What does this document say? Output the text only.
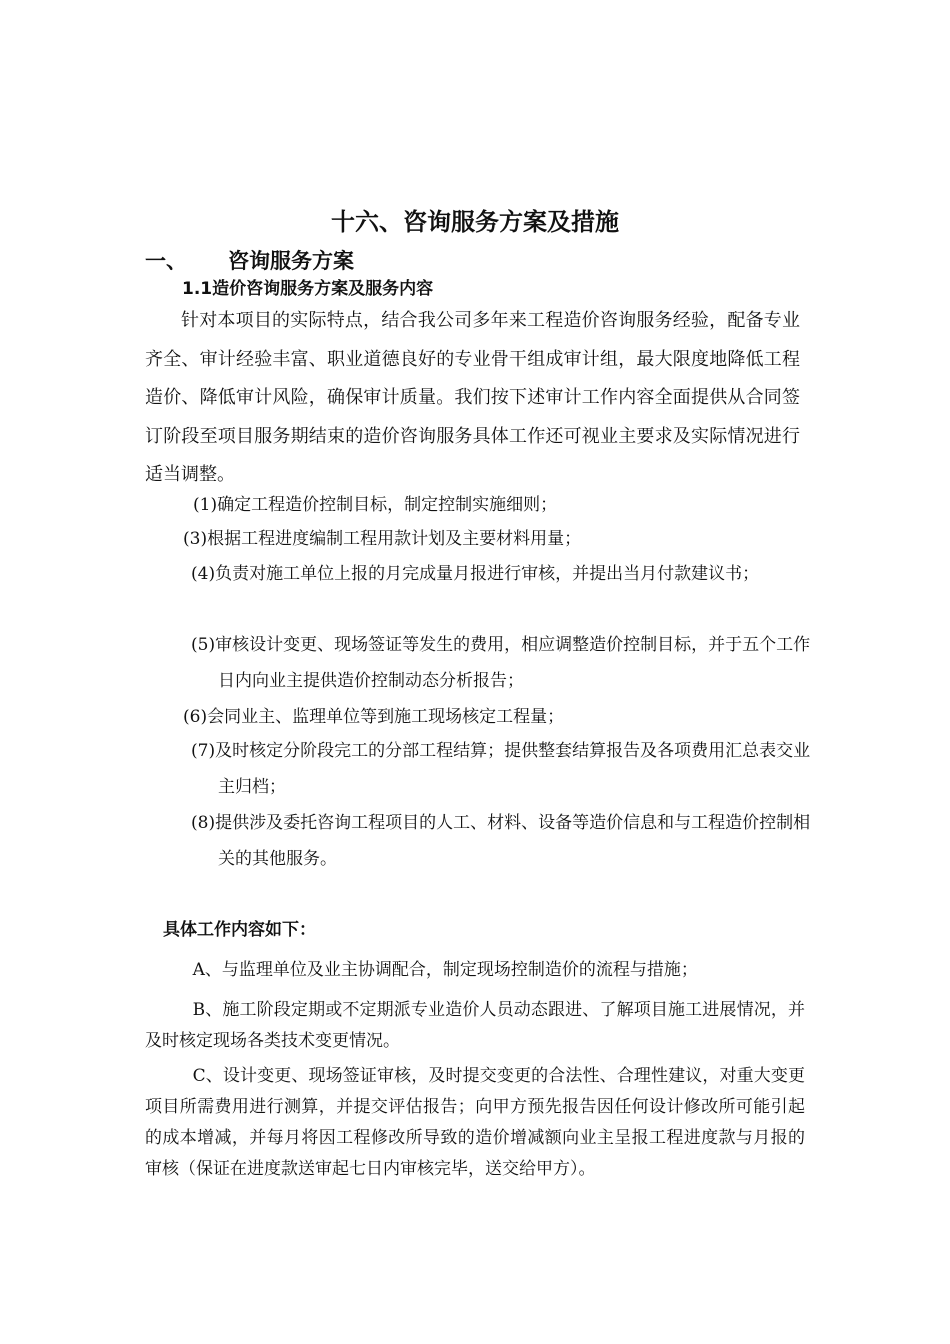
十六、咨询服务方案及措施
一、 咨询服务方案
1.1造价咨询服务方案及服务内容
针对本项目的实际特点，结合我公司多年来工程造价咨询服务经验，配备专业齐全、审计经验丰富、职业道德良好的专业骨干组成审计组，最大限度地降低工程造价、降低审计风险，确保审计质量。我们按下述审计工作内容全面提供从合同签订阶段至项目服务期结束的造价咨询服务具体工作还可视业主要求及实际情况进行适当调整。
(1)确定工程造价控制目标，制定控制实施细则；
(3)根据工程进度编制工程用款计划及主要材料用量；
(4)负责对施工单位上报的月完成量月报进行审核，并提出当月付款建议书；
(5)审核设计变更、现场签证等发生的费用，相应调整造价控制目标，并于五个工作日内向业主提供造价控制动态分析报告；
(6)会同业主、监理单位等到施工现场核定工程量；
(7)及时核定分阶段完工的分部工程结算；提供整套结算报告及各项费用汇总表交业主归档；
(8)提供涉及委托咨询工程项目的人工、材料、设备等造价信息和与工程造价控制相关的其他服务。
具体工作内容如下：
A、与监理单位及业主协调配合，制定现场控制造价的流程与措施；
B、施工阶段定期或不定期派专业造价人员动态跟进、了解项目施工进展情况，并及时核定现场各类技术变更情况。
C、设计变更、现场签证审核，及时提交变更的合法性、合理性建议，对重大变更项目所需费用进行测算，并提交评估报告；向甲方预先报告因任何设计修改所可能引起的成本增减，并每月将因工程修改所导致的造价增减额向业主呈报工程进度款与月报的审核（保证在进度款送审起七日内审核完毕，送交给甲方）。
